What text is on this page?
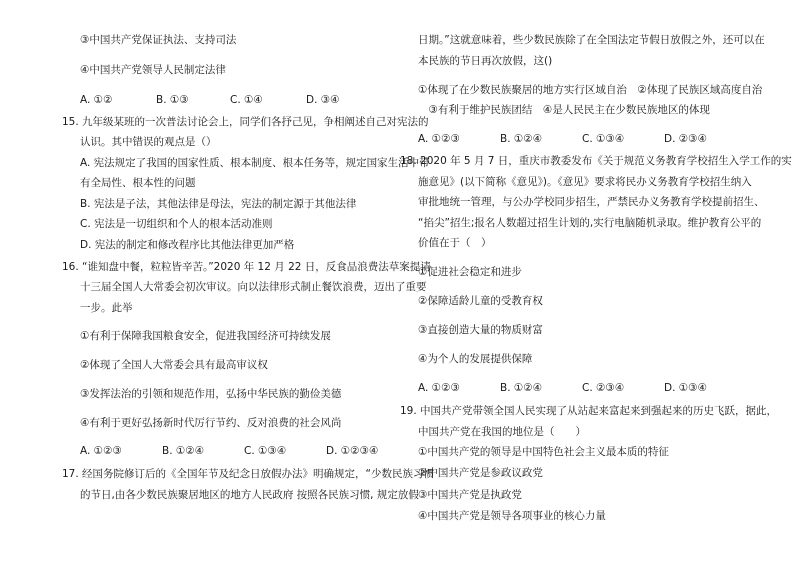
③中国共产党保证执法、支持司法
④中国共产党领导人民制定法律
A. ①②	B. ①③	C. ①④	D. ③④
15. 九年级某班的一次普法讨论会上，同学们各抒己见，争相阐述自己对宪法的
认识。其中错误的观点是（）
A. 宪法规定了我国的国家性质、根本制度、根本任务等，规定国家生活中带
有全局性、根本性的问题
B. 宪法是子法，其他法律是母法，宪法的制定源于其他法律
C. 宪法是一切组织和个人的根本活动准则
D. 宪法的制定和修改程序比其他法律更加严格
16. “谁知盘中餐，粒粒皆辛苦。”2020 年 12 月 22 日，反食品浪费法草案提请
十三届全国人大常委会初次审议。向以法律形式制止餐饮浪费，迈出了重要
一步。此举
①有利于保障我国粮食安全，促进我国经济可持续发展
②体现了全国人大常委会具有最高审议权
③发挥法治的引领和规范作用，弘扬中华民族的勤俭美德
④有利于更好弘扬新时代厉行节约、反对浪费的社会风尚
A. ①②③	B. ①②④	C. ①③④	D. ①②③④
17. 经国务院修订后的《全国年节及纪念日放假办法》明确规定，“少数民族习惯
的节日,由各少数民族聚居地区的地方人民政府 按照各民族习惯, 规定放假
日期。”这就意味着，些少数民族除了在全国法定节假日放假之外，还可以在
本民族的节日再次放假，这()
①体现了在少数民族聚居的地方实行区域自治　②体现了民族区域高度自治
　③有利于维护民族团结　④是人民民主在少数民族地区的体现
A. ①②③	B. ①②④	C. ①③④	D. ②③④
18. 2020 年 5 月 7 日，重庆市教委发布《关于规范义务教育学校招生入学工作的实
施意见》(以下简称《意见》)。《意见》要求将民办义务教育学校招生纳入
审批地统一管理，与公办学校同步招生，严禁民办义务教育学校提前招生、
“掐尖”招生;报名人数超过招生计划的,实行电脑随机录取。维护教育公平的
价值在于（　）
①促进社会稳定和进步
②保障适龄儿童的受教育权
③直接创造大量的物质财富
④为个人的发展提供保障
A. ①②③	B. ①②④	C. ②③④	D. ①③④
19. 中国共产党带领全国人民实现了从站起来富起来到强起来的历史飞跃，据此，
中国共产党在我国的地位是（　　）
①中国共产党的领导是中国特色社会主义最本质的特征
②中国共产党是参政议政党
③中国共产党是执政党
④中国共产党是领导各项事业的核心力量
